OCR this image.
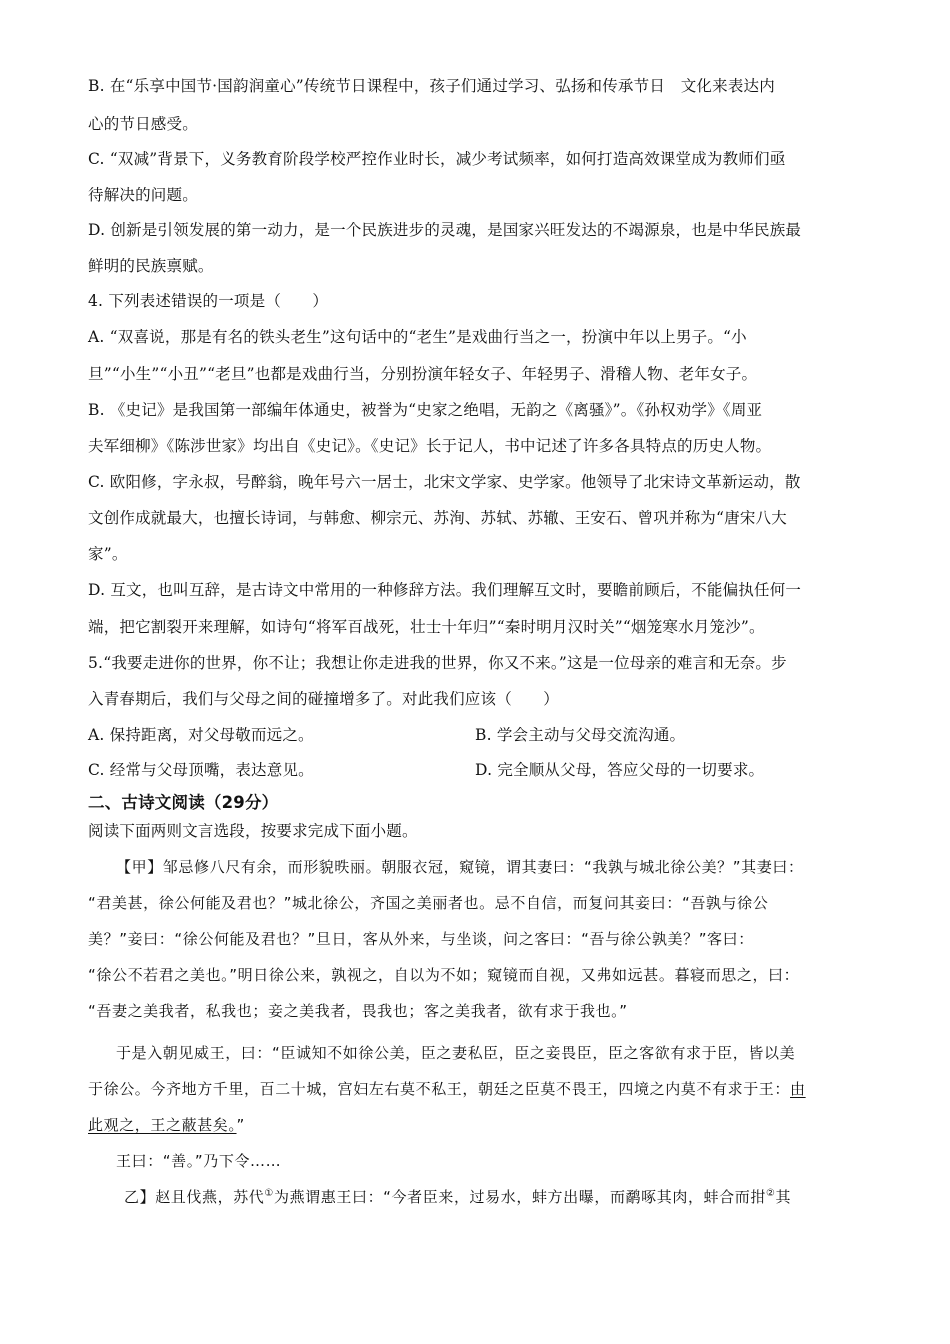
B. 在“乐享中国节·国韵润童心”传统节日课程中，孩子们通过学习、弘扬和传承节日　文化来表达内
心的节日感受。
C. “双减”背景下，义务教育阶段学校严控作业时长，减少考试频率，如何打造高效课堂成为教师们亟
待解决的问题。
D. 创新是引领发展的第一动力，是一个民族进步的灵魂，是国家兴旺发达的不竭源泉，也是中华民族最
鲜明的民族禀赋。
4. 下列表述错误的一项是（　　）
A. “双喜说，那是有名的铁头老生”这句话中的“老生”是戏曲行当之一，扮演中年以上男子。“小
旦”“小生”“小丑”“老旦”也都是戏曲行当，分别扮演年轻女子、年轻男子、滑稽人物、老年女子。
B. 《史记》是我国第一部编年体通史，被誉为“史家之绝唱，无韵之《离骚》”。《孙权劝学》《周亚
夫军细柳》《陈涉世家》均出自《史记》。《史记》长于记人，书中记述了许多各具特点的历史人物。
C. 欧阳修，字永叔，号醉翁，晚年号六一居士，北宋文学家、史学家。他领导了北宋诗文革新运动，散
文创作成就最大，也擅长诗词，与韩愈、柳宗元、苏洵、苏轼、苏辙、王安石、曾巩并称为“唐宋八大
家”。
D. 互文，也叫互辞，是古诗文中常用的一种修辞方法。我们理解互文时，要瞻前顾后，不能偏执任何一
端，把它割裂开来理解，如诗句“将军百战死，壮士十年归”“秦时明月汉时关”“烟笼寒水月笼沙”。
5.“我要走进你的世界，你不让；我想让你走进我的世界，你又不来。”这是一位母亲的难言和无奈。步
入青春期后，我们与父母之间的碰撞增多了。对此我们应该（　　）
A. 保持距离，对父母敬而远之。	B. 学会主动与父母交流沟通。
C. 经常与父母顶嘴，表达意见。	D. 完全顺从父母，答应父母的一切要求。
二、古诗文阅读（29分）
阅读下面两则文言选段，按要求完成下面小题。
【甲】邹忌修八尺有余，而形貌昳丽。朝服衣冠，窥镜，谓其妻曰：“我孰与城北徐公美？”其妻曰：
“君美甚，徐公何能及君也？”城北徐公，齐国之美丽者也。忌不自信，而复问其妾曰：“吾孰与徐公
美？”妾曰：“徐公何能及君也？”旦日，客从外来，与坐谈，问之客曰：“吾与徐公孰美？”客曰：
“徐公不若君之美也。”明日徐公来，孰视之，自以为不如；窥镜而自视，又弗如远甚。暮寝而思之，曰：
“吾妻之美我者，私我也；妾之美我者，畏我也；客之美我者，欲有求于我也。”
于是入朝见威王，曰：“臣诚知不如徐公美，臣之妻私臣，臣之妾畏臣，臣之客欲有求于臣，皆以美
于徐公。今齐地方千里，百二十城，宫妇左右莫不私王，朝廷之臣莫不畏王，四境之内莫不有求于王：由
此观之，王之蔽甚矣。”
王曰：“善。”乃下令……
乙】赵且伐燕，苏代①为燕谓惠王曰：“今者臣来，过易水，蚌方出曝，而鹬啄其肉，蚌合而拑②其
